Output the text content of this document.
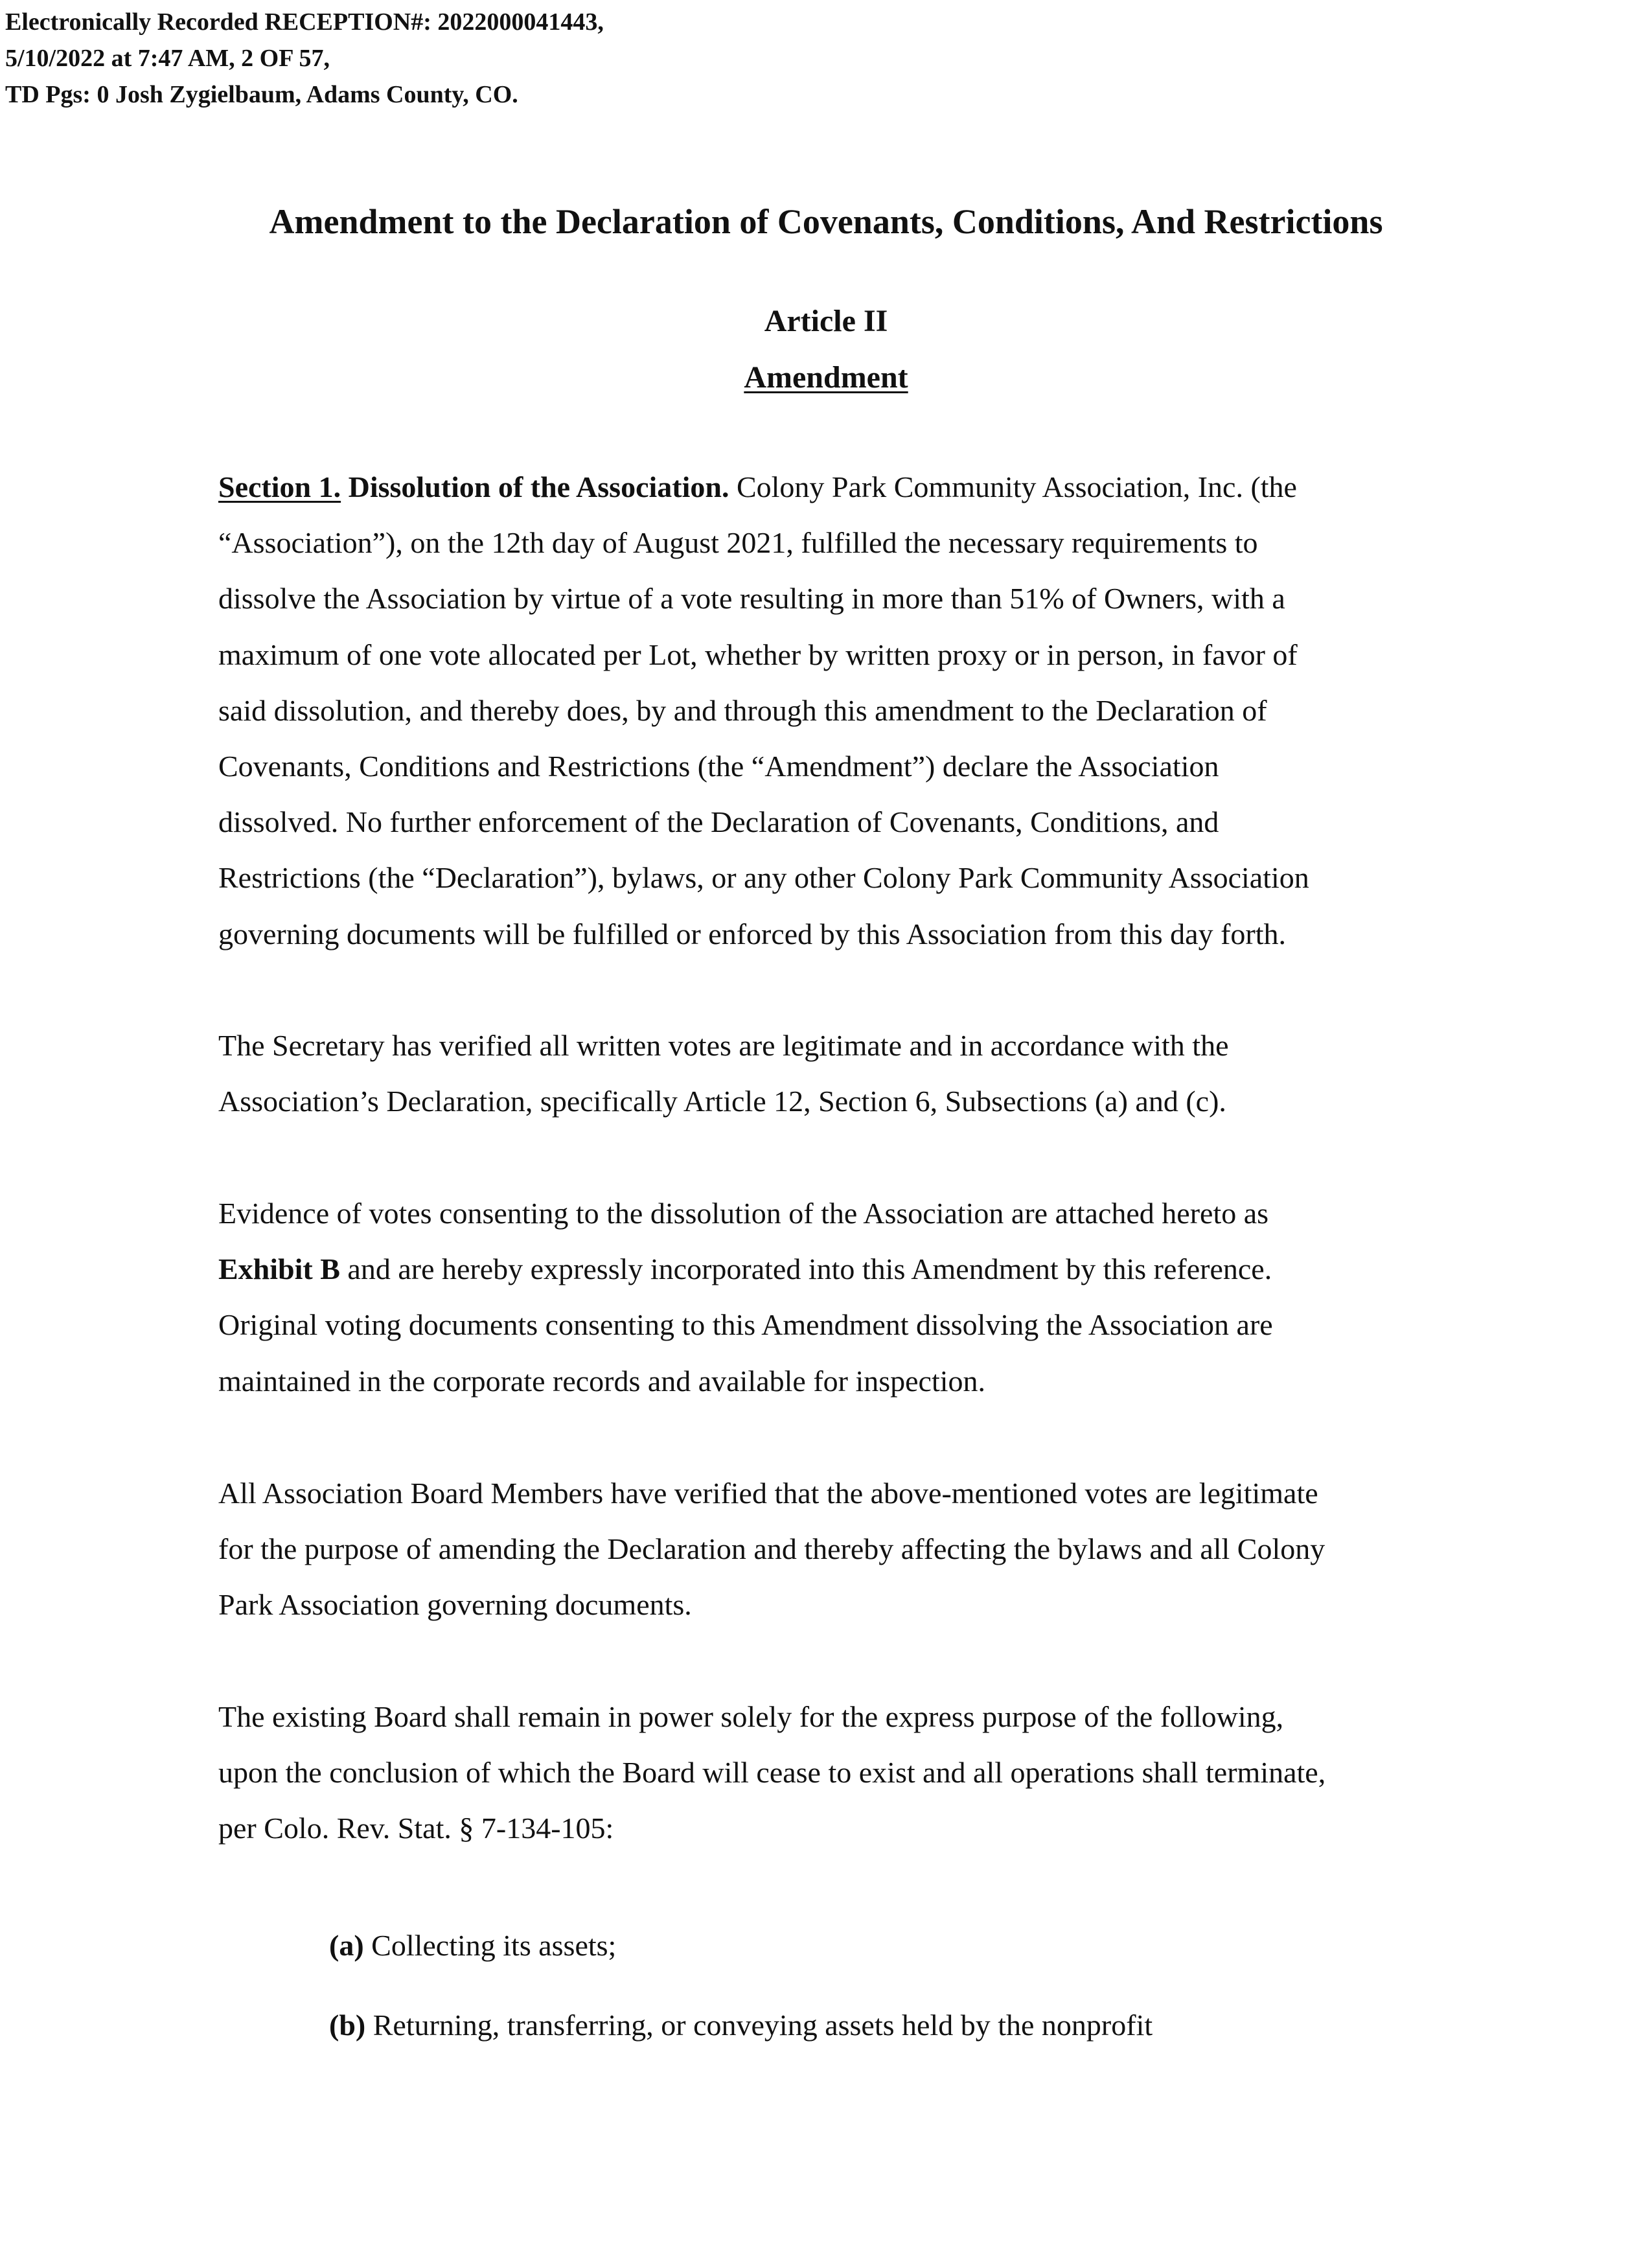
Electronically Recorded RECEPTION#: 2022000041443,
5/10/2022 at 7:47 AM, 2 OF 57,
TD Pgs: 0 Josh Zygielbaum, Adams County, CO.
Amendment to the Declaration of Covenants, Conditions, And Restrictions
Article II
Amendment
Section 1. Dissolution of the Association. Colony Park Community Association, Inc. (the
“Association”), on the 12th day of August 2021, fulfilled the necessary requirements to
dissolve the Association by virtue of a vote resulting in more than 51% of Owners, with a
maximum of one vote allocated per Lot, whether by written proxy or in person, in favor of
said dissolution, and thereby does, by and through this amendment to the Declaration of
Covenants, Conditions and Restrictions (the “Amendment”) declare the Association
dissolved. No further enforcement of the Declaration of Covenants, Conditions, and
Restrictions (the “Declaration”), bylaws, or any other Colony Park Community Association
governing documents will be fulfilled or enforced by this Association from this day forth.
The Secretary has verified all written votes are legitimate and in accordance with the
Association’s Declaration, specifically Article 12, Section 6, Subsections (a) and (c).
Evidence of votes consenting to the dissolution of the Association are attached hereto as
Exhibit B and are hereby expressly incorporated into this Amendment by this reference.
Original voting documents consenting to this Amendment dissolving the Association are
maintained in the corporate records and available for inspection.
All Association Board Members have verified that the above-mentioned votes are legitimate
for the purpose of amending the Declaration and thereby affecting the bylaws and all Colony
Park Association governing documents.
The existing Board shall remain in power solely for the express purpose of the following,
upon the conclusion of which the Board will cease to exist and all operations shall terminate,
per Colo. Rev. Stat. § 7-134-105:
(a) Collecting its assets;
(b) Returning, transferring, or conveying assets held by the nonprofit
